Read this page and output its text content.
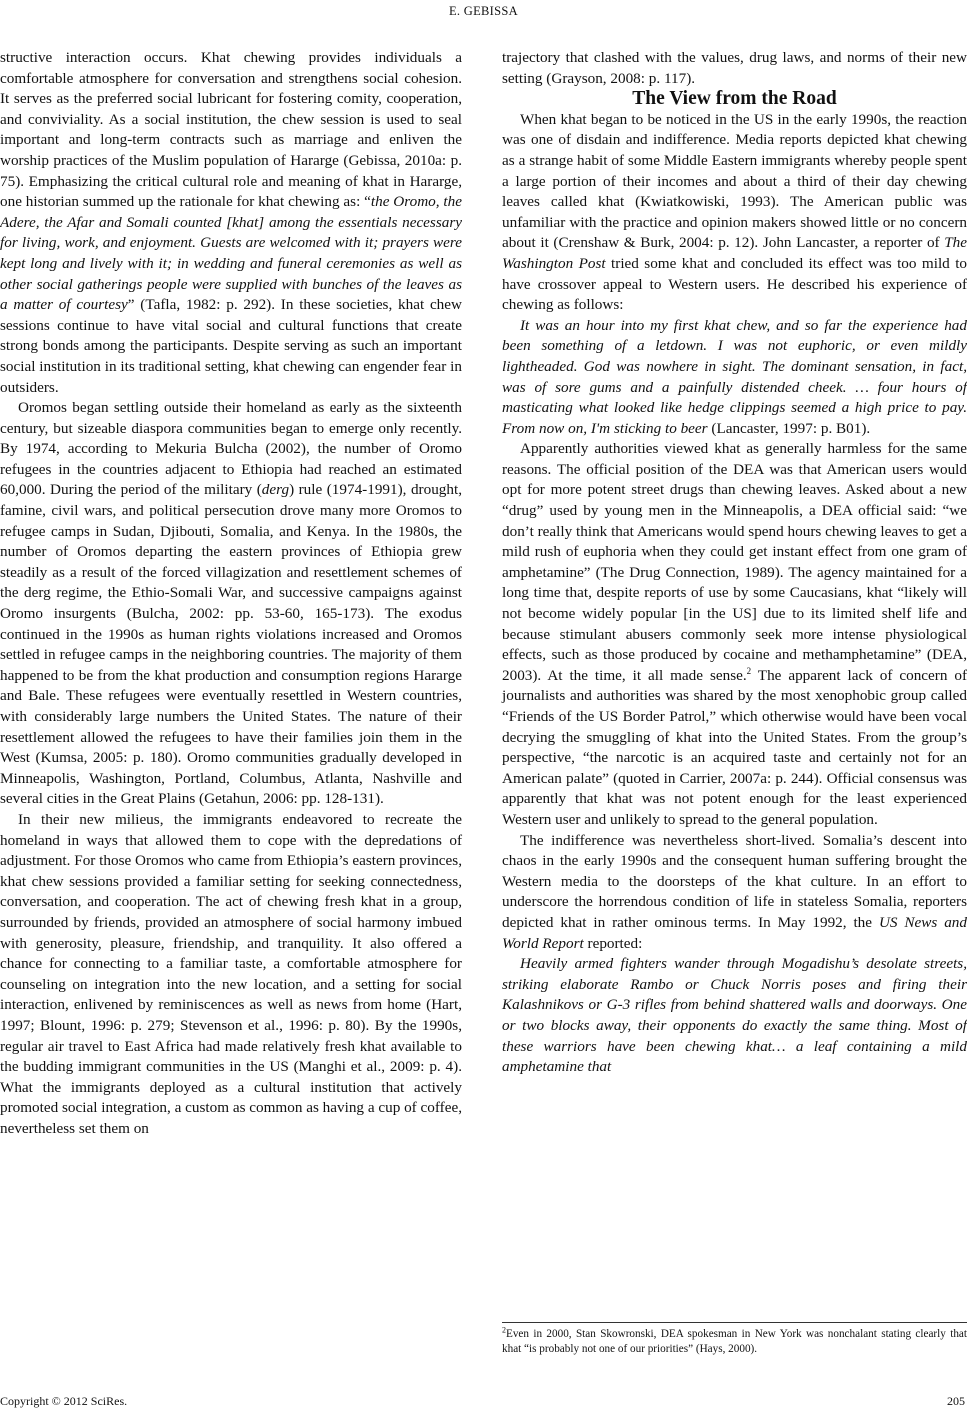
E. GEBISSA

structive interaction occurs. Khat chewing provides individuals a comfortable atmosphere for conversation and strengthens social cohesion. It serves as the preferred social lubricant for fostering comity, cooperation, and conviviality. As a social institution, the chew session is used to seal important and long-term contracts such as marriage and enliven the worship practices of the Muslim population of Hararge (Gebissa, 2010a: p. 75). Emphasizing the critical cultural role and meaning of khat in Hararge, one historian summed up the rationale for khat chewing as: “the Oromo, the Adere, the Afar and Somali counted [khat] among the essentials necessary for living, work, and enjoyment. Guests are welcomed with it; prayers were kept long and lively with it; in wedding and funeral ceremonies as well as other social gatherings people were supplied with bunches of the leaves as a matter of courtesy” (Tafla, 1982: p. 292). In these societies, khat chew sessions continue to have vital social and cultural functions that create strong bonds among the participants. Despite serving as such an important social institution in its traditional setting, khat chewing can engender fear in outsiders.

Oromos began settling outside their homeland as early as the sixteenth century, but sizeable diaspora communities began to emerge only recently. By 1974, according to Mekuria Bulcha (2002), the number of Oromo refugees in the countries adjacent to Ethiopia had reached an estimated 60,000. During the period of the military (derg) rule (1974-1991), drought, famine, civil wars, and political persecution drove many more Oromos to refugee camps in Sudan, Djibouti, Somalia, and Kenya. In the 1980s, the number of Oromos departing the eastern provinces of Ethiopia grew steadily as a result of the forced villagization and resettlement schemes of the derg regime, the Ethio-Somali War, and successive campaigns against Oromo insurgents (Bulcha, 2002: pp. 53-60, 165-173). The exodus continued in the 1990s as human rights violations increased and Oromos settled in refugee camps in the neighboring countries. The majority of them happened to be from the khat production and consumption regions Hararge and Bale. These refugees were eventually resettled in Western countries, with considerably large numbers the United States. The nature of their resettlement allowed the refugees to have their families join them in the West (Kumsa, 2005: p. 180). Oromo communities gradually developed in Minneapolis, Washington, Portland, Columbus, Atlanta, Nashville and several cities in the Great Plains (Getahun, 2006: pp. 128-131).

In their new milieus, the immigrants endeavored to recreate the homeland in ways that allowed them to cope with the depredations of adjustment. For those Oromos who came from Ethiopia’s eastern provinces, khat chew sessions provided a familiar setting for seeking connectedness, conversation, and cooperation. The act of chewing fresh khat in a group, surrounded by friends, provided an atmosphere of social harmony imbued with generosity, pleasure, friendship, and tranquility. It also offered a chance for connecting to a familiar taste, a comfortable atmosphere for counseling on integration into the new location, and a setting for social interaction, enlivened by reminiscences as well as news from home (Hart, 1997; Blount, 1996: p. 279; Stevenson et al., 1996: p. 80). By the 1990s, regular air travel to East Africa had made relatively fresh khat available to the budding immigrant communities in the US (Manghi et al., 2009: p. 4). What the immigrants deployed as a cultural institution that actively promoted social integration, a custom as common as having a cup of coffee, nevertheless set them on

trajectory that clashed with the values, drug laws, and norms of their new setting (Grayson, 2008: p. 117).

The View from the Road

When khat began to be noticed in the US in the early 1990s, the reaction was one of disdain and indifference. Media reports depicted khat chewing as a strange habit of some Middle Eastern immigrants whereby people spent a large portion of their incomes and about a third of their day chewing leaves called khat (Kwiatkowiski, 1993). The American public was unfamiliar with the practice and opinion makers showed little or no concern about it (Crenshaw & Burk, 2004: p. 12). John Lancaster, a reporter of The Washington Post tried some khat and concluded its effect was too mild to have crossover appeal to Western users. He described his experience of chewing as follows:

It was an hour into my first khat chew, and so far the experience had been something of a letdown. I was not euphoric, or even mildly lightheaded. God was nowhere in sight. The dominant sensation, in fact, was of sore gums and a painfully distended cheek. … four hours of masticating what looked like hedge clippings seemed a high price to pay. From now on, I'm sticking to beer (Lancaster, 1997: p. B01).

Apparently authorities viewed khat as generally harmless for the same reasons. The official position of the DEA was that American users would opt for more potent street drugs than chewing leaves. Asked about a new “drug” used by young men in the Minneapolis, a DEA official said: “we don’t really think that Americans would spend hours chewing leaves to get a mild rush of euphoria when they could get instant effect from one gram of amphetamine” (The Drug Connection, 1989). The agency maintained for a long time that, despite reports of use by some Caucasians, khat “likely will not become widely popular [in the US] due to its limited shelf life and because stimulant abusers commonly seek more intense physiological effects, such as those produced by cocaine and methamphetamine” (DEA, 2003). At the time, it all made sense.$^2$ The apparent lack of concern of journalists and authorities was shared by the most xenophobic group called “Friends of the US Border Patrol,” which otherwise would have been vocal decrying the smuggling of khat into the United States. From the group’s perspective, “the narcotic is an acquired taste and certainly not for an American palate” (quoted in Carrier, 2007a: p. 244). Official consensus was apparently that khat was not potent enough for the least experienced Western user and unlikely to spread to the general population.

The indifference was nevertheless short-lived. Somalia’s descent into chaos in the early 1990s and the consequent human suffering brought the Western media to the doorsteps of the khat culture. In an effort to underscore the horrendous condition of life in stateless Somalia, reporters depicted khat in rather ominous terms. In May 1992, the US News and World Report reported:

Heavily armed fighters wander through Mogadishu’s desolate streets, striking elaborate Rambo or Chuck Norris poses and firing their Kalashnikovs or G-3 rifles from behind shattered walls and doorways. One or two blocks away, their opponents do exactly the same thing. Most of these warriors have been chewing khat… a leaf containing a mild amphetamine that

$^2$Even in 2000, Stan Skowronski, DEA spokesman in New York was nonchalant stating clearly that khat “is probably not one of our priorities” (Hays, 2000).
Copyright © 2012 SciRes.	205
